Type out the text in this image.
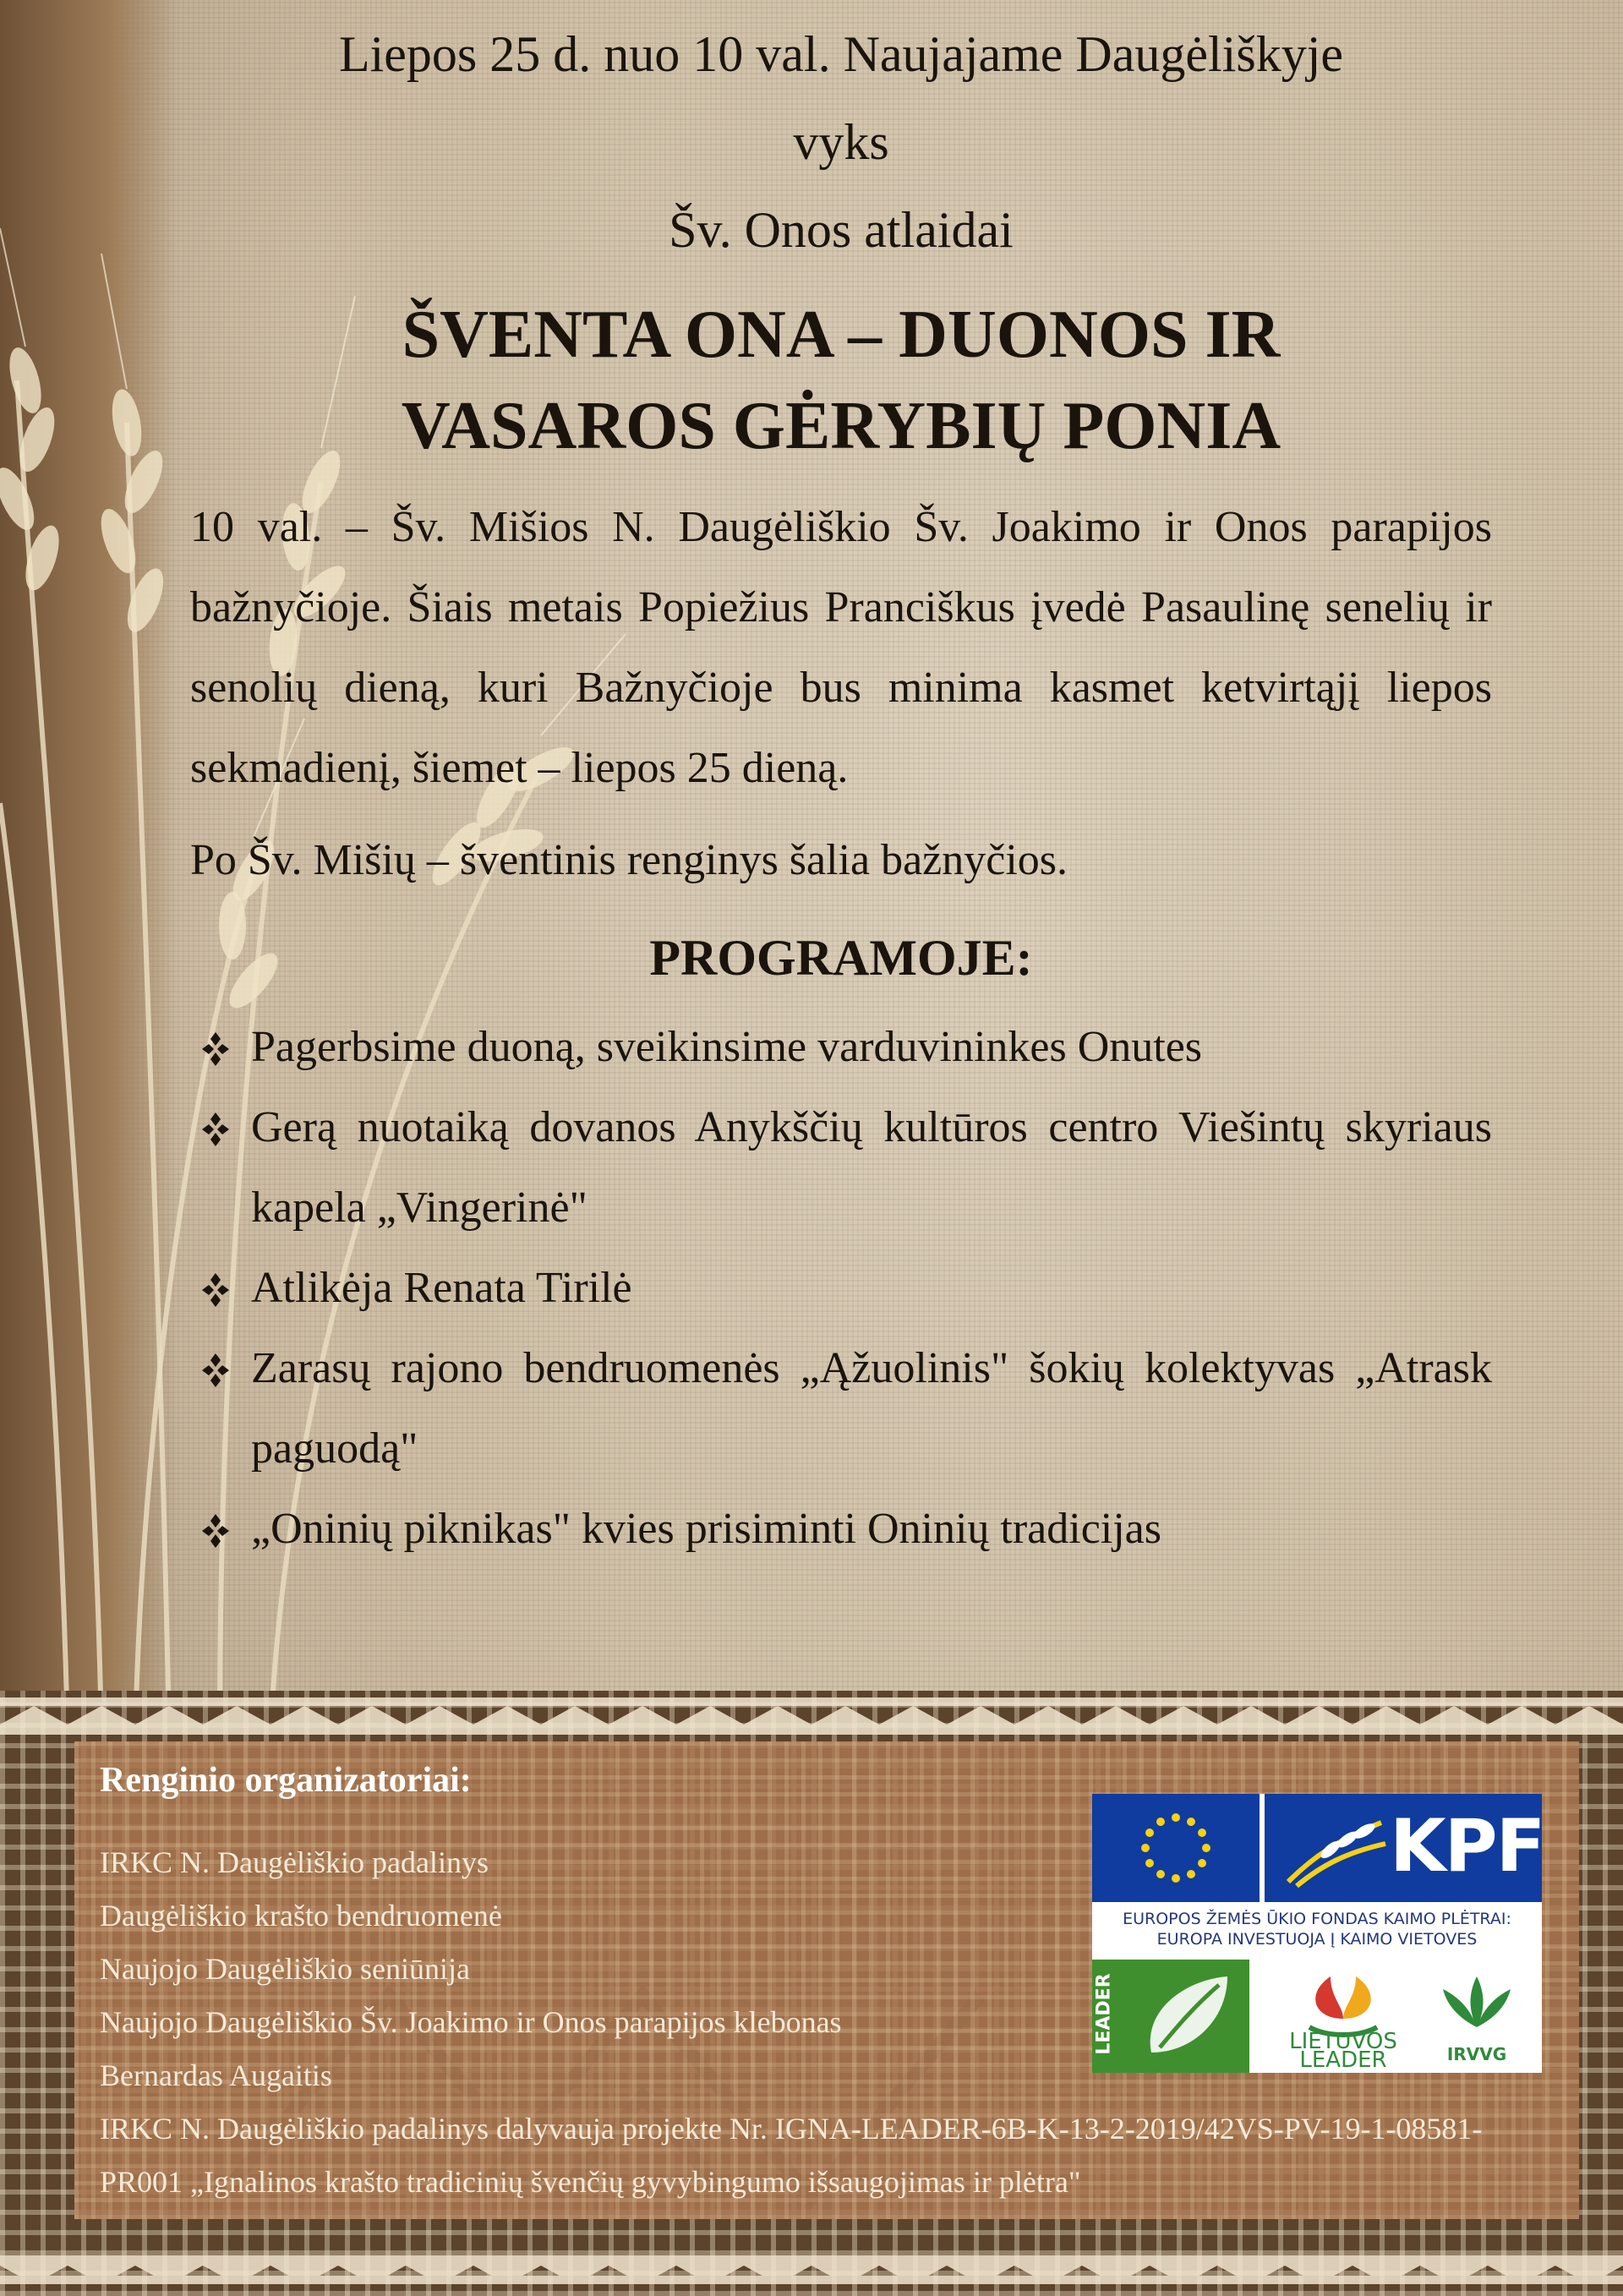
Liepos 25 d. nuo 10 val. Naujajame Daugėliškyje

vyks

Šv. Onos atlaidai

ŠVENTA ONA – DUONOS IR
VASAROS GĖRYBIŲ PONIA

10 val. – Šv. Mišios N. Daugėliškio Šv. Joakimo ir Onos parapijos bažnyčioje. Šiais metais Popiežius Pranciškus įvedė Pasaulinę senelių ir senolių dieną, kuri Bažnyčioje bus minima kasmet ketvirtąjį liepos sekmadienį, šiemet – liepos 25 dieną.

Po Šv. Mišių – šventinis renginys šalia bažnyčios.

PROGRAMOJE:
Pagerbsime duoną, sveikinsime varduvininkes Onutes
Gerą nuotaiką dovanos Anykščių kultūros centro Viešintų skyriaus kapela „Vingerinė"
Atlikėja Renata Tirilė
Zarasų rajono bendruomenės „Ąžuolinis" šokių kolektyvas „Atrask paguodą"
„Oninių piknikas" kvies prisiminti Oninių tradicijas
Renginio organizatoriai:
IRKC N. Daugėliškio padalinys
Daugėliškio krašto bendruomenė
Naujojo Daugėliškio seniūnija
Naujojo Daugėliškio Šv. Joakimo ir Onos parapijos klebonas
Bernardas Augaitis
IRKC N. Daugėliškio padalinys dalyvauja projekte Nr. IGNA-LEADER-6B-K-13-2-2019/42VS-PV-19-1-08581-PR001 „Ignalinos krašto tradicinių švenčių gyvybingumo išsaugojimas ir plėtra"
KPF
EUROPOS ŽEMĖS ŪKIO FONDAS KAIMO PLĖTRAI:
EUROPA INVESTUOJA Į KAIMO VIETOVES
LEADER	LIETUVOS
LEADER	IRVVG
